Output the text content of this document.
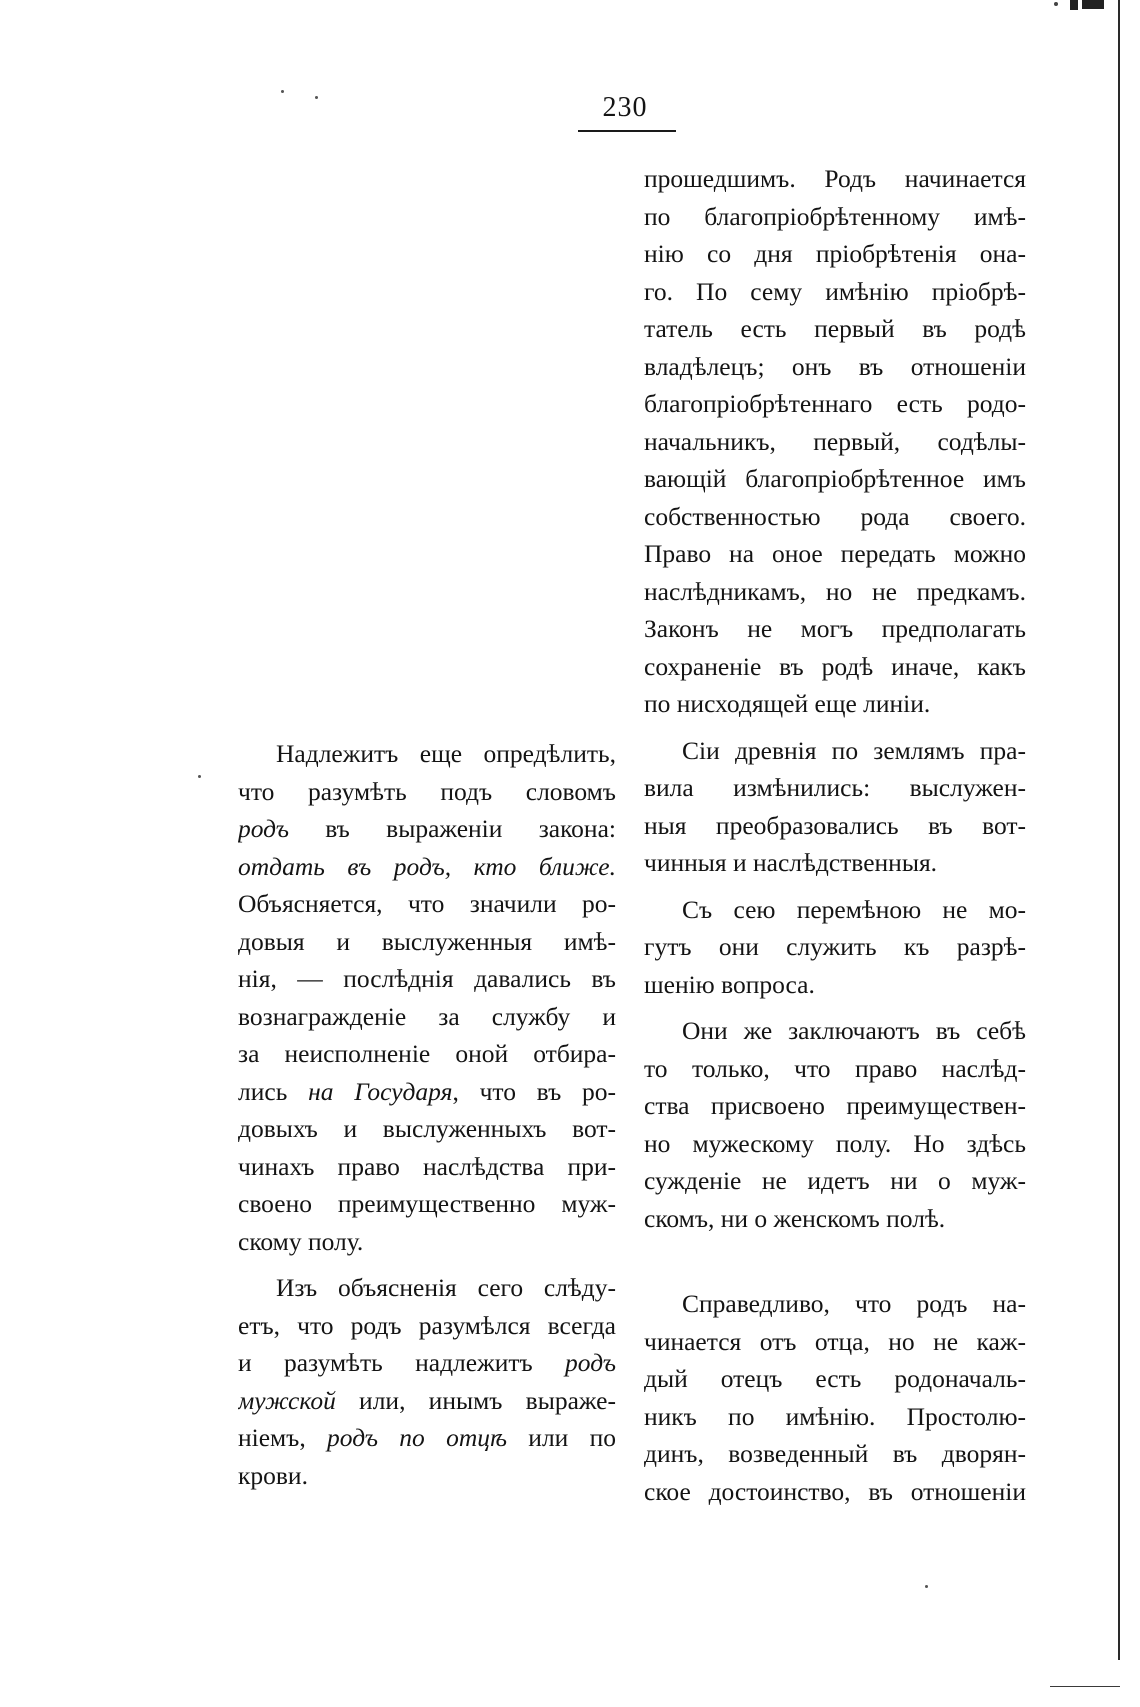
230
Надлежитъ еще опредѣлить,
что разумѣть подъ словомъ
родъ въ выраженіи закона:
отдать въ родъ, кто ближе.
Объясняется, что значили ро-
довыя и выслуженныя имѣ-
нія, — послѣднія давались въ
вознагражденіе за службу и
за неисполненіе оной отбира-
лись на Государя, что въ ро-
довыхъ и выслуженныхъ вот-
чинахъ право наслѣдства при-
своено преимущественно муж-
скому полу.
Изъ объясненія сего слѣду-
етъ, что родъ разумѣлся всегда
и разумѣть надлежитъ родъ
мужской или, инымъ выраже-
ніемъ, родъ по отцѣ или по
крови.
прошедшимъ. Родъ начинается
по благопріобрѣтенному имѣ-
нію со дня пріобрѣтенія она-
го. По сему имѣнію пріобрѣ-
татель есть первый въ родѣ
владѣлецъ; онъ въ отношеніи
благопріобрѣтеннаго есть родо-
начальникъ, первый, содѣлы-
вающій благопріобрѣтенное имъ
собственностью рода своего.
Право на оное передать можно
наслѣдникамъ, но не предкамъ.
Законъ не могъ предполагать
сохраненіе въ родѣ иначе, какъ
по нисходящей еще линіи.
Сіи древнія по землямъ пра-
вила измѣнились: выслужен-
ныя преобразовались въ вот-
чинныя и наслѣдственныя.
Съ сею перемѣною не мо-
гутъ они служить къ разрѣ-
шенію вопроса.
Они же заключаютъ въ себѣ
то только, что право наслѣд-
ства присвоено преимуществен-
но мужескому полу. Но здѣсь
сужденіе не идетъ ни о муж-
скомъ, ни о женскомъ полѣ.
Справедливо, что родъ на-
чинается отъ отца, но не каж-
дый отецъ есть родоначаль-
никъ по имѣнію. Простолю-
динъ, возведенный въ дворян-
ское достоинство, въ отношеніи
